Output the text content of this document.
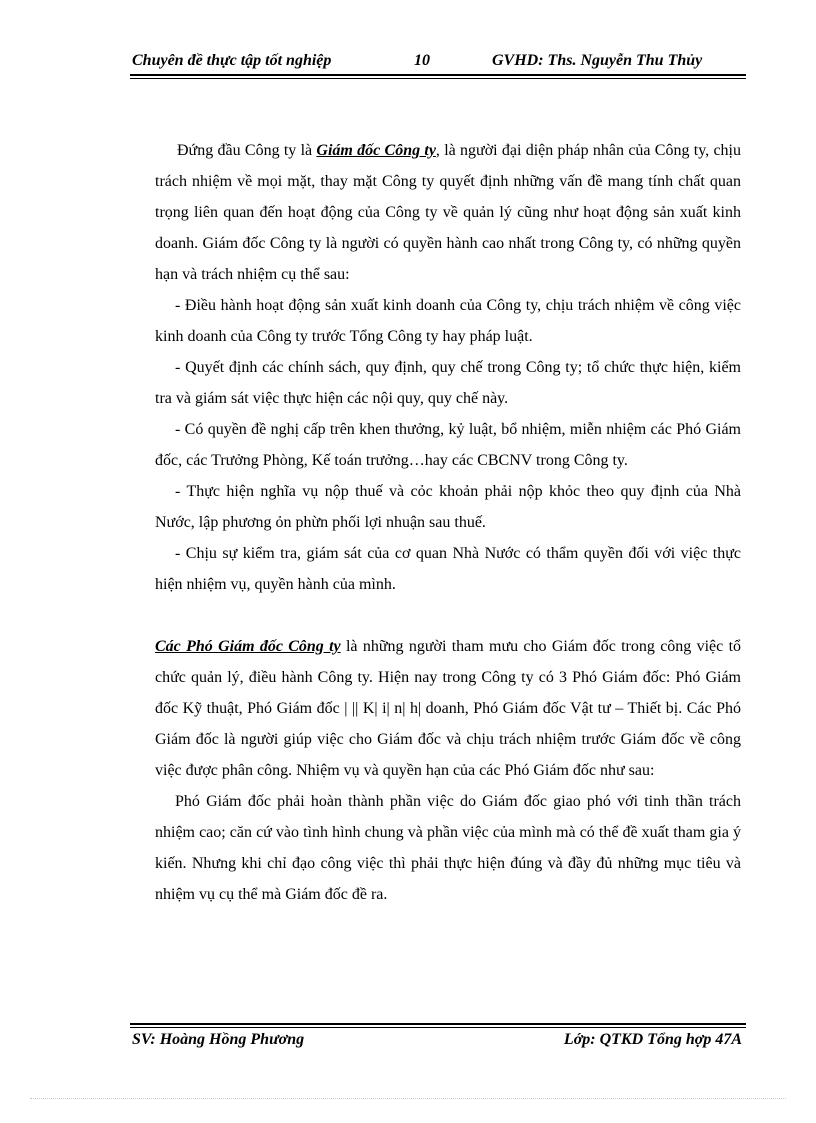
Chuyên đề thực tập tốt nghiệp	10	GVHD: Ths. Nguyễn Thu Thủy

Đứng đầu Công ty là Giám đốc Công ty, là người đại diện pháp nhân của Công ty, chịu trách nhiệm về mọi mặt, thay mặt Công ty quyết định những vấn đề mang tính chất quan trọng liên quan đến hoạt động của Công ty về quản lý cũng như hoạt động sản xuất kinh doanh. Giám đốc Công ty là người có quyền hành cao nhất trong Công ty, có những quyền hạn và trách nhiệm cụ thể sau:

- Điều hành hoạt động sản xuất kinh doanh của Công ty, chịu trách nhiệm về công việc kinh doanh của Công ty trước Tổng Công ty hay pháp luật.

- Quyết định các chính sách, quy định, quy chế trong Công ty; tổ chức thực hiện, kiểm tra và giám sát việc thực hiện các nội quy, quy chế này.

- Có quyền đề nghị cấp trên khen thưởng, kỷ luật, bổ nhiệm, miễn nhiệm các Phó Giám đốc, các Trưởng Phòng, Kế toán trưởng…hay các CBCNV trong Công ty.

- Thực hiện nghĩa vụ nộp thuế và cỏc khoản phải nộp khỏc theo quy định của Nhà Nước, lập phương ỏn phừn phối lợi nhuận sau thuế.

- Chịu sự kiểm tra, giám sát của cơ quan Nhà Nước có thẩm quyền đối với việc thực hiện nhiệm vụ, quyền hành của mình.

Các Phó Giám đốc Công ty là những người tham mưu cho Giám đốc trong công việc tổ chức quản lý, điều hành Công ty. Hiện nay trong Công ty có 3 Phó Giám đốc: Phó Giám đốc Kỹ thuật, Phó Giám đốc | || K| i| n| h| doanh, Phó Giám đốc Vật tư – Thiết bị. Các Phó Giám đốc là người giúp việc cho Giám đốc và chịu trách nhiệm trước Giám đốc về công việc được phân công. Nhiệm vụ và quyền hạn của các Phó Giám đốc như sau:

Phó Giám đốc phải hoàn thành phần việc do Giám đốc giao phó với tinh thần trách nhiệm cao; căn cứ vào tình hình chung và phần việc của mình mà có thể đề xuất tham gia ý kiến. Nhưng khi chỉ đạo công việc thì phải thực hiện đúng và đầy đủ những mục tiêu và nhiệm vụ cụ thể mà Giám đốc đề ra.

SV: Hoàng Hồng Phương	Lớp: QTKD Tổng hợp 47A
